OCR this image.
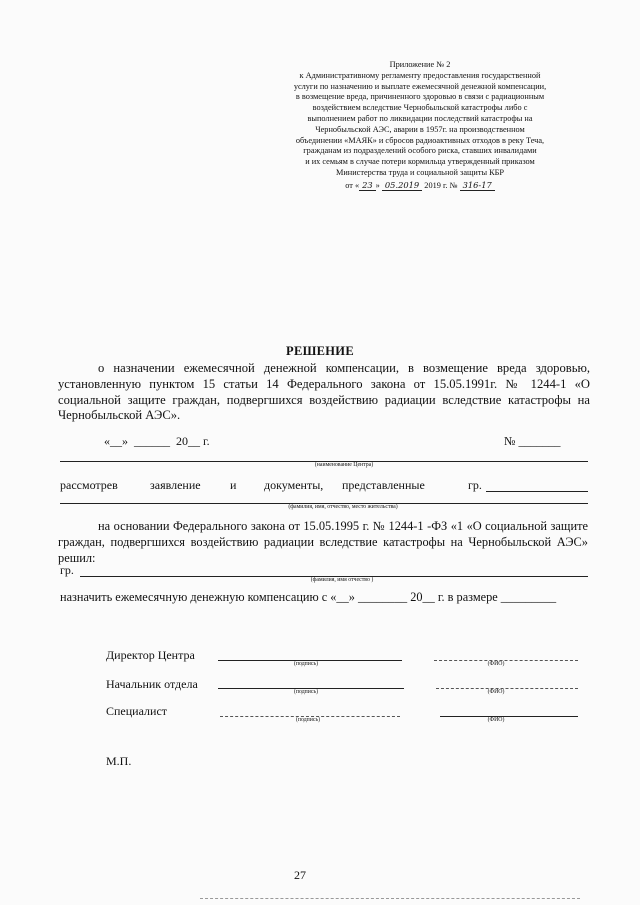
Приложение № 2
к Административному регламенту предоставления государственной
услуги по назначению и выплате ежемесячной денежной компенсации,
в возмещение вреда, причиненного здоровью в связи с радиационным
воздействием вследствие Чернобыльской катастрофы либо с
выполнением работ по ликвидации последствий катастрофы на
Чернобыльской АЭС, аварии в 1957г. на производственном
объединении «МАЯК» и сбросов радиоактивных отходов в реку Теча,
гражданам из подразделений особого риска, ставших инвалидами
и их семьям в случае потери кормильца утвержденный приказом
Министерства труда и социальной защиты КБР
от « 23 » 05.2019 2019 г. № 316-17
РЕШЕНИЕ
о назначении ежемесячной денежной компенсации, в возмещение вреда здоровью, установленную пунктом 15 статьи 14 Федерального закона от 15.05.1991г. № 1244-1 «О социальной защите граждан, подвергшихся воздействию радиации вследствие катастрофы на Чернобыльской АЭС».
«__» ______ 20__ г.	№ _______
(наименование Центра)
рассмотрев	заявление и документы, представленные	гр.
(фамилия, имя, отчество, место жительства)
на основании Федерального закона от 15.05.1995 г. № 1244-1 -ФЗ «1 «О социальной защите граждан, подвергшихся воздействию радиации вследствие катастрофы на Чернобыльской АЭС» решил:
гр.
(фамилия, имя отчество )
назначить ежемесячную денежную компенсацию с «__» ________ 20__ г. в размере _________
Директор Центра
(подпись)	(ФИО)
Начальник отдела
(подпись)	(ФИО)
Специалист
(подпись)	(ФИО)
М.П.
27
